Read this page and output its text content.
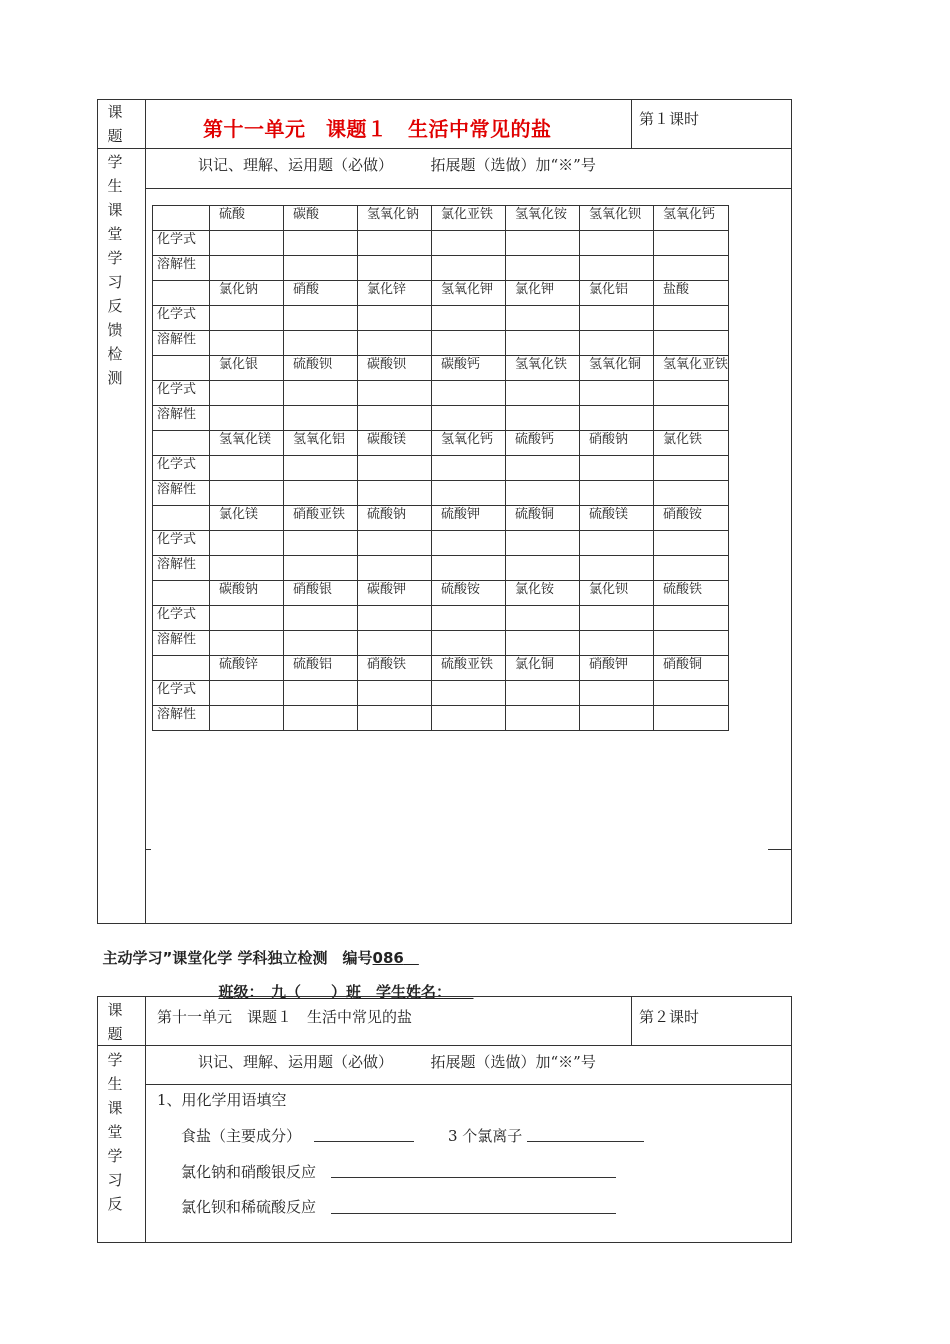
课
题	第十一单元　课题１　生活中常见的盐	第１课时
学
生
课
堂
学
习
反
馈
检
测
识记、理解、运用题（必做）　　　拓展题（选做）加“※”号
	硫酸	碳酸	氢氧化钠	氯化亚铁	氢氧化铵	氢氧化钡	氢氧化钙
化学式							
溶解性							
	氯化钠	硝酸	氯化锌	氢氧化钾	氯化钾	氯化铝	盐酸
化学式							
溶解性							
	氯化银	硫酸钡	碳酸钡	碳酸钙	氢氧化铁	氢氧化铜	氢氧化亚铁
化学式							
溶解性							
	氢氧化镁	氢氧化铝	碳酸镁	氢氧化钙	硫酸钙	硝酸钠	氯化铁
化学式							
溶解性							
	氯化镁	硝酸亚铁	硫酸钠	硫酸钾	硫酸铜	硫酸镁	硝酸铵
化学式							
溶解性							
	碳酸钠	硝酸银	碳酸钾	硫酸铵	氯化铵	氯化钡	硫酸铁
化学式							
溶解性							
	硫酸锌	硫酸铝	硝酸铁	硫酸亚铁	氯化铜	硝酸钾	硝酸铜
化学式							
溶解性							

主动学习”课堂化学 学科独立检测　编号086　

班级：　九（　　）班　学生姓名：　　

课
题
第十一单元　课题１　生活中常见的盐	第２课时
学
生
课
堂
学
习
反
识记、理解、运用题（必做）　　　拓展题（选做）加“※”号
1、用化学用语填空
食盐（主要成分）	3 个氯离子
氯化钠和硝酸银反应
氯化钡和稀硫酸反应
